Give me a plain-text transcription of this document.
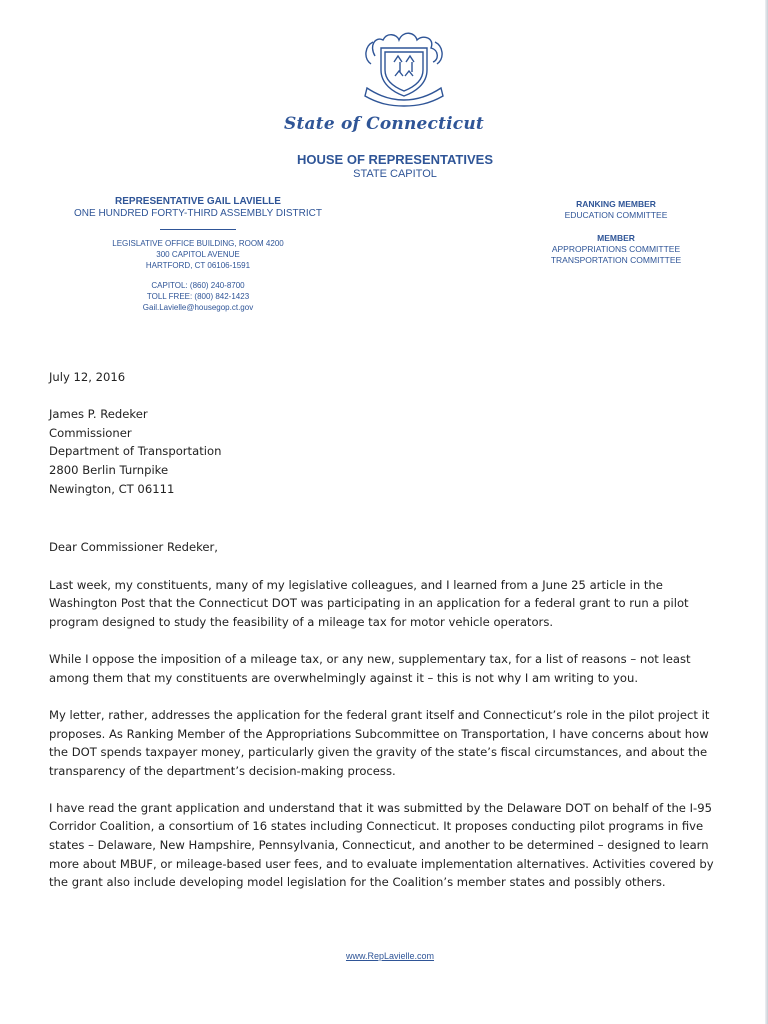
State of Connecticut
HOUSE OF REPRESENTATIVES
STATE CAPITOL
REPRESENTATIVE GAIL LAVIELLE
ONE HUNDRED FORTY-THIRD ASSEMBLY DISTRICT
LEGISLATIVE OFFICE BUILDING, ROOM 4200
300 CAPITOL AVENUE
HARTFORD, CT 06106-1591
CAPITOL: (860) 240-8700
TOLL FREE: (800) 842-1423
Gail.Lavielle@housegop.ct.gov
RANKING MEMBER
EDUCATION COMMITTEE
MEMBER
APPROPRIATIONS COMMITTEE
TRANSPORTATION COMMITTEE

July 12, 2016

James P. Redeker

Commissioner

Department of Transportation

2800 Berlin Turnpike

Newington, CT 06111

Dear Commissioner Redeker,

Last week, my constituents, many of my legislative colleagues, and I learned from a June 25 article in the Washington Post that the Connecticut DOT was participating in an application for a federal grant to run a pilot program designed to study the feasibility of a mileage tax for motor vehicle operators.

While I oppose the imposition of a mileage tax, or any new, supplementary tax, for a list of reasons – not least among them that my constituents are overwhelmingly against it – this is not why I am writing to you.

My letter, rather, addresses the application for the federal grant itself and Connecticut’s role in the pilot project it proposes. As Ranking Member of the Appropriations Subcommittee on Transportation, I have concerns about how the DOT spends taxpayer money, particularly given the gravity of the state’s fiscal circumstances, and about the transparency of the department’s decision-making process.

I have read the grant application and understand that it was submitted by the Delaware DOT on behalf of the I-95 Corridor Coalition, a consortium of 16 states including Connecticut. It proposes conducting pilot programs in five states – Delaware, New Hampshire, Pennsylvania, Connecticut, and another to be determined – designed to learn more about MBUF, or mileage-based user fees, and to evaluate implementation alternatives. Activities covered by the grant also include developing model legislation for the Coalition’s member states and possibly others.

www.RepLavielle.com
